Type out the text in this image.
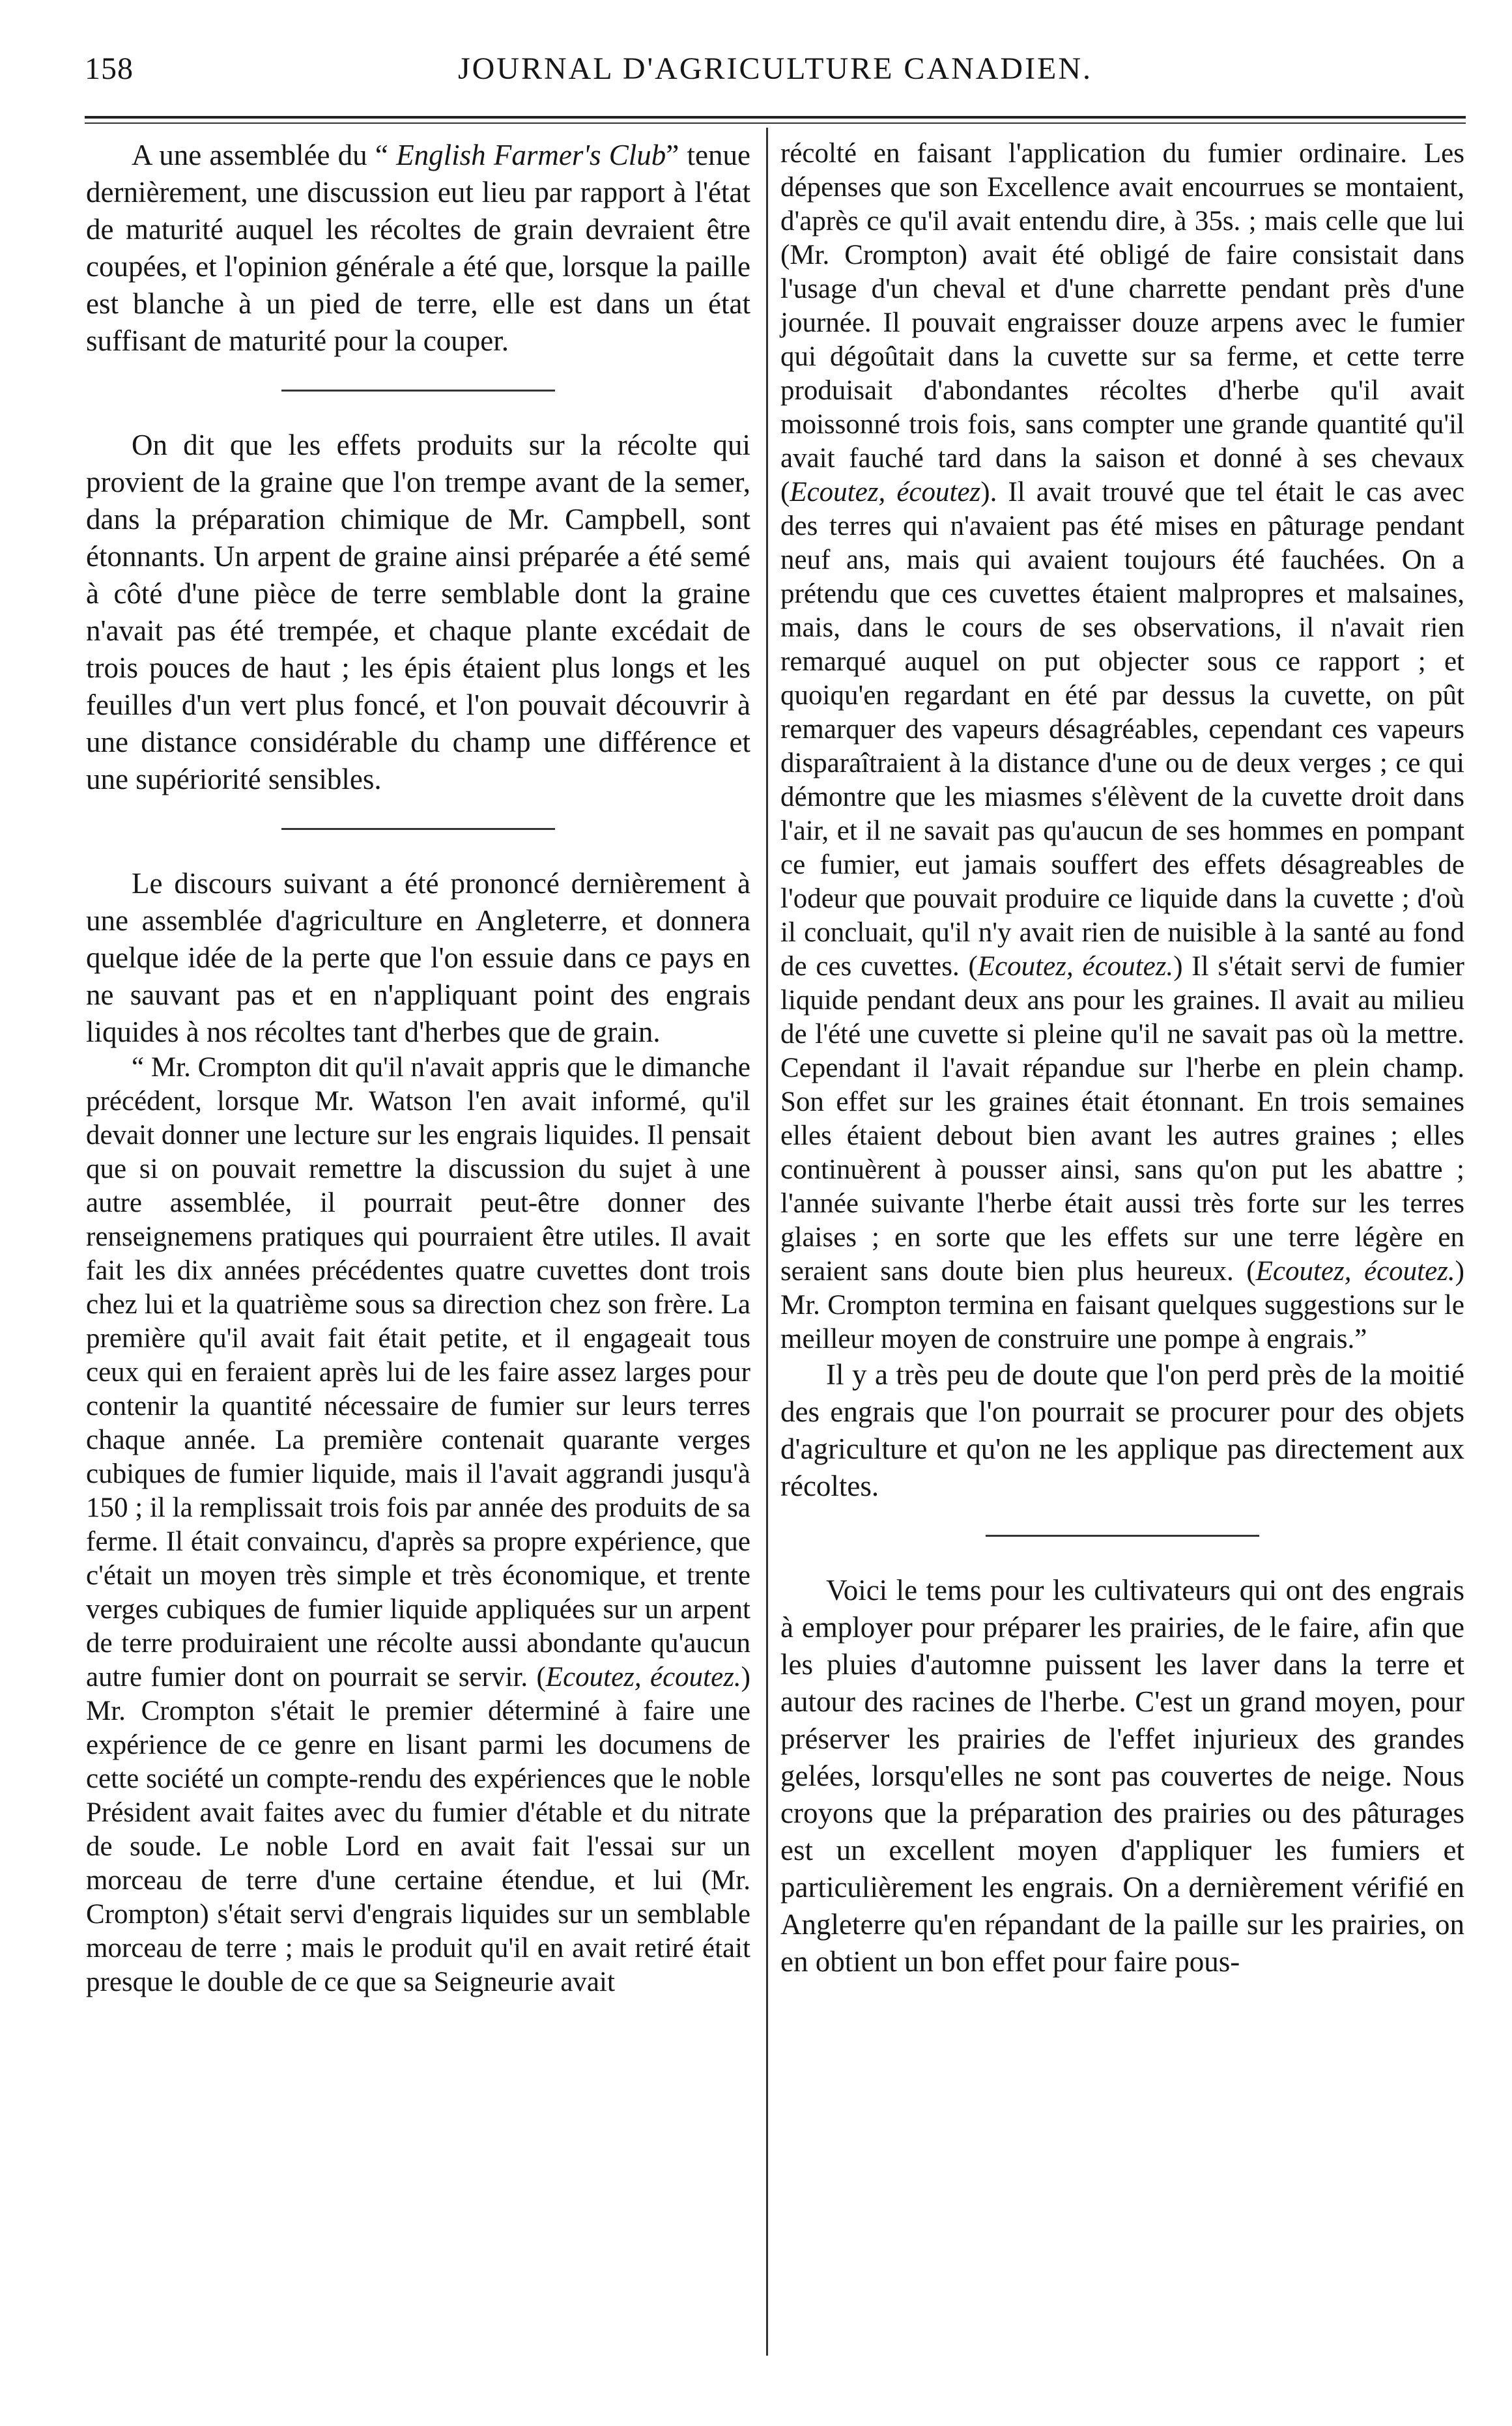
158	JOURNAL D'AGRICULTURE CANADIEN.

A une assemblée du “ English Farmer's Club” tenue dernièrement, une discussion eut lieu par rapport à l'état de maturité auquel les récoltes de grain devraient être coupées, et l'opinion générale a été que, lorsque la paille est blanche à un pied de terre, elle est dans un état suffisant de maturité pour la couper.

On dit que les effets produits sur la récolte qui provient de la graine que l'on trempe avant de la semer, dans la préparation chimique de Mr. Campbell, sont étonnants. Un arpent de graine ainsi préparée a été semé à côté d'une pièce de terre semblable dont la graine n'avait pas été trempée, et chaque plante excédait de trois pouces de haut ; les épis étaient plus longs et les feuilles d'un vert plus foncé, et l'on pouvait découvrir à une distance considérable du champ une différence et une supériorité sensibles.

Le discours suivant a été prononcé dernièrement à une assemblée d'agriculture en Angleterre, et donnera quelque idée de la perte que l'on essuie dans ce pays en ne sauvant pas et en n'appliquant point des engrais liquides à nos récoltes tant d'herbes que de grain.

“ Mr. Crompton dit qu'il n'avait appris que le dimanche précédent, lorsque Mr. Watson l'en avait informé, qu'il devait donner une lecture sur les engrais liquides. Il pensait que si on pouvait remettre la discussion du sujet à une autre assemblée, il pourrait peut-être donner des renseignemens pratiques qui pourraient être utiles. Il avait fait les dix années précédentes quatre cuvettes dont trois chez lui et la quatrième sous sa direction chez son frère. La première qu'il avait fait était petite, et il engageait tous ceux qui en feraient après lui de les faire assez larges pour contenir la quantité nécessaire de fumier sur leurs terres chaque année. La première contenait quarante verges cubiques de fumier liquide, mais il l'avait aggrandi jusqu'à 150 ; il la remplissait trois fois par année des produits de sa ferme. Il était convaincu, d'après sa propre expérience, que c'était un moyen très simple et très économique, et trente verges cubiques de fumier liquide appliquées sur un arpent de terre produiraient une récolte aussi abondante qu'aucun autre fumier dont on pourrait se servir. (Ecoutez, écoutez.) Mr. Crompton s'était le premier déterminé à faire une expérience de ce genre en lisant parmi les documens de cette société un compte-rendu des expériences que le noble Président avait faites avec du fumier d'étable et du nitrate de soude. Le noble Lord en avait fait l'essai sur un morceau de terre d'une certaine étendue, et lui (Mr. Crompton) s'était servi d'engrais liquides sur un semblable morceau de terre ; mais le produit qu'il en avait retiré était presque le double de ce que sa Seigneurie avait

récolté en faisant l'application du fumier ordinaire. Les dépenses que son Excellence avait encourrues se montaient, d'après ce qu'il avait entendu dire, à 35s. ; mais celle que lui (Mr. Crompton) avait été obligé de faire consistait dans l'usage d'un cheval et d'une charrette pendant près d'une journée. Il pouvait engraisser douze arpens avec le fumier qui dégoûtait dans la cuvette sur sa ferme, et cette terre produisait d'abondantes récoltes d'herbe qu'il avait moissonné trois fois, sans compter une grande quantité qu'il avait fauché tard dans la saison et donné à ses chevaux (Ecoutez, écoutez). Il avait trouvé que tel était le cas avec des terres qui n'avaient pas été mises en pâturage pendant neuf ans, mais qui avaient toujours été fauchées. On a prétendu que ces cuvettes étaient malpropres et malsaines, mais, dans le cours de ses observations, il n'avait rien remarqué auquel on put objecter sous ce rapport ; et quoiqu'en regardant en été par dessus la cuvette, on pût remarquer des vapeurs désagréables, cependant ces vapeurs disparaîtraient à la distance d'une ou de deux verges ; ce qui démontre que les miasmes s'élèvent de la cuvette droit dans l'air, et il ne savait pas qu'aucun de ses hommes en pompant ce fumier, eut jamais souffert des effets désagreables de l'odeur que pouvait produire ce liquide dans la cuvette ; d'où il concluait, qu'il n'y avait rien de nuisible à la santé au fond de ces cuvettes. (Ecoutez, écoutez.) Il s'était servi de fumier liquide pendant deux ans pour les graines. Il avait au milieu de l'été une cuvette si pleine qu'il ne savait pas où la mettre. Cependant il l'avait répandue sur l'herbe en plein champ. Son effet sur les graines était étonnant. En trois semaines elles étaient debout bien avant les autres graines ; elles continuèrent à pousser ainsi, sans qu'on put les abattre ; l'année suivante l'herbe était aussi très forte sur les terres glaises ; en sorte que les effets sur une terre légère en seraient sans doute bien plus heureux. (Ecoutez, écoutez.) Mr. Crompton termina en faisant quelques suggestions sur le meilleur moyen de construire une pompe à engrais.”

Il y a très peu de doute que l'on perd près de la moitié des engrais que l'on pourrait se procurer pour des objets d'agriculture et qu'on ne les applique pas directement aux récoltes.

Voici le tems pour les cultivateurs qui ont des engrais à employer pour préparer les prairies, de le faire, afin que les pluies d'automne puissent les laver dans la terre et autour des racines de l'herbe. C'est un grand moyen, pour préserver les prairies de l'effet injurieux des grandes gelées, lorsqu'elles ne sont pas couvertes de neige. Nous croyons que la préparation des prairies ou des pâturages est un excellent moyen d'appliquer les fumiers et particulièrement les engrais. On a dernièrement vérifié en Angleterre qu'en répandant de la paille sur les prairies, on en obtient un bon effet pour faire pous-
